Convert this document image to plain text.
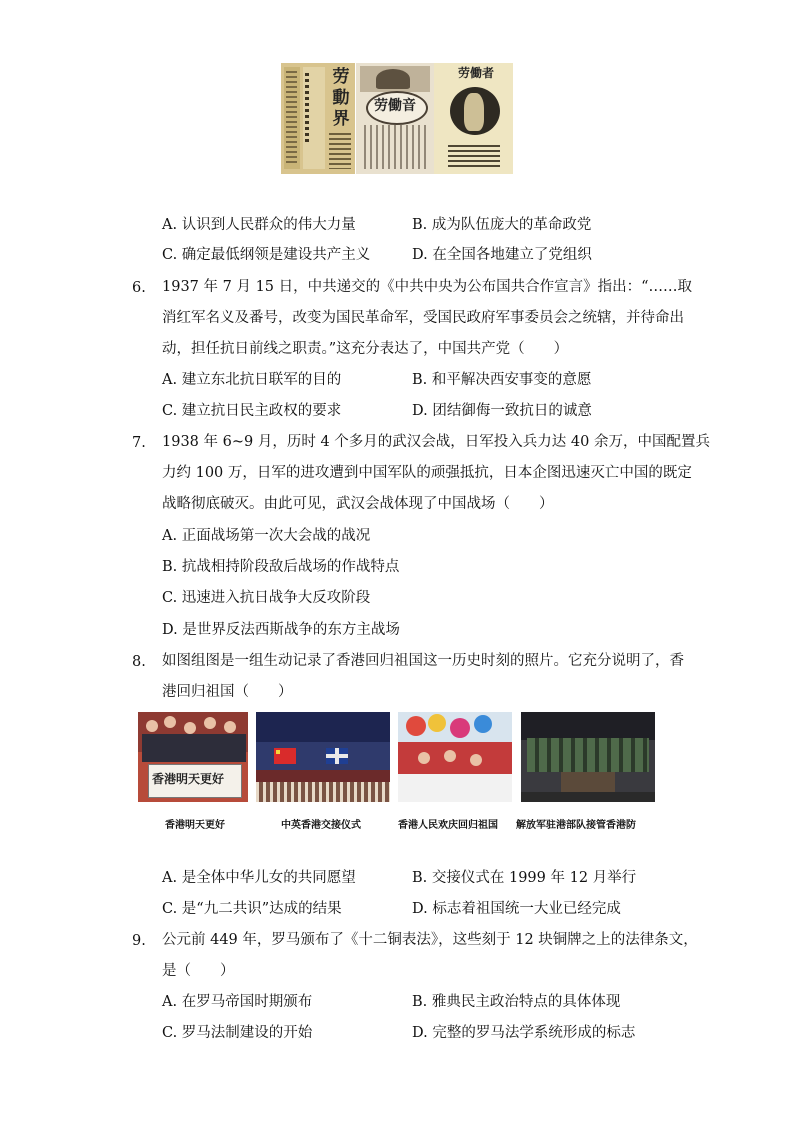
劳動界
劳働音
劳働者
A. 认识到人民群众的伟大力量	B. 成为队伍庞大的革命政党
C. 确定最低纲领是建设共产主义	D. 在全国各地建立了党组织
6. 1937 年 7 月 15 日，中共递交的《中共中央为公布国共合作宣言》指出：“……取
消红军名义及番号，改变为国民革命军，受国民政府军事委员会之统辖，并待命出
动，担任抗日前线之职责。”这充分表达了，中国共产党（　　）
A. 建立东北抗日联军的目的	B. 和平解决西安事变的意愿
C. 建立抗日民主政权的要求	D. 团结御侮一致抗日的诚意
7. 1938 年 6~9 月，历时 4 个多月的武汉会战，日军投入兵力达 40 余万，中国配置兵
力约 100 万，日军的进攻遭到中国军队的顽强抵抗，日本企图迅速灭亡中国的既定
战略彻底破灭。由此可见，武汉会战体现了中国战场（　　）
A. 正面战场第一次大会战的战况
B. 抗战相持阶段敌后战场的作战特点
C. 迅速进入抗日战争大反攻阶段
D. 是世界反法西斯战争的东方主战场
8. 如图组图是一组生动记录了香港回归祖国这一历史时刻的照片。它充分说明了，香
港回归祖国（　　）
香港明天更好
香港明天更好	中英香港交接仪式	香港人民欢庆回归祖国 解放军驻港部队接管香港防
A. 是全体中华儿女的共同愿望	B. 交接仪式在 1999 年 12 月举行
C. 是“九二共识”达成的结果	D. 标志着祖国统一大业已经完成
9. 公元前 449 年，罗马颁布了《十二铜表法》，这些刻于 12 块铜牌之上的法律条文，
是（　　）
A. 在罗马帝国时期颁布	B. 雅典民主政治特点的具体体现
C. 罗马法制建设的开始	D. 完整的罗马法学系统形成的标志
